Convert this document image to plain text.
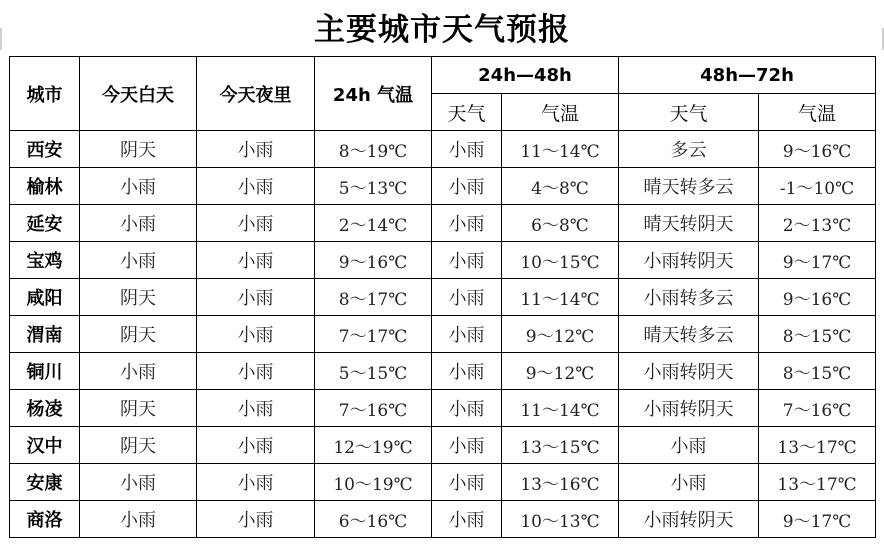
主要城市天气预报
城市	今天白天	今天夜里	24h 气温	24h—48h		48h—72h	
				天气	气温	天气	气温
西安	阴天	小雨	8～19℃	小雨	11～14℃	多云	9～16℃
榆林	小雨	小雨	5～13℃	小雨	4～8℃	晴天转多云	-1～10℃
延安	小雨	小雨	2～14℃	小雨	6～8℃	晴天转阴天	2～13℃
宝鸡	小雨	小雨	9～16℃	小雨	10～15℃	小雨转阴天	9～17℃
咸阳	阴天	小雨	8～17℃	小雨	11～14℃	小雨转多云	9～16℃
渭南	阴天	小雨	7～17℃	小雨	9～12℃	晴天转多云	8～15℃
铜川	小雨	小雨	5～15℃	小雨	9～12℃	小雨转阴天	8～15℃
杨凌	阴天	小雨	7～16℃	小雨	11～14℃	小雨转阴天	7～16℃
汉中	阴天	小雨	12～19℃	小雨	13～15℃	小雨	13～17℃
安康	小雨	小雨	10～19℃	小雨	13～16℃	小雨	13～17℃
商洛	小雨	小雨	6～16℃	小雨	10～13℃	小雨转阴天	9～17℃
